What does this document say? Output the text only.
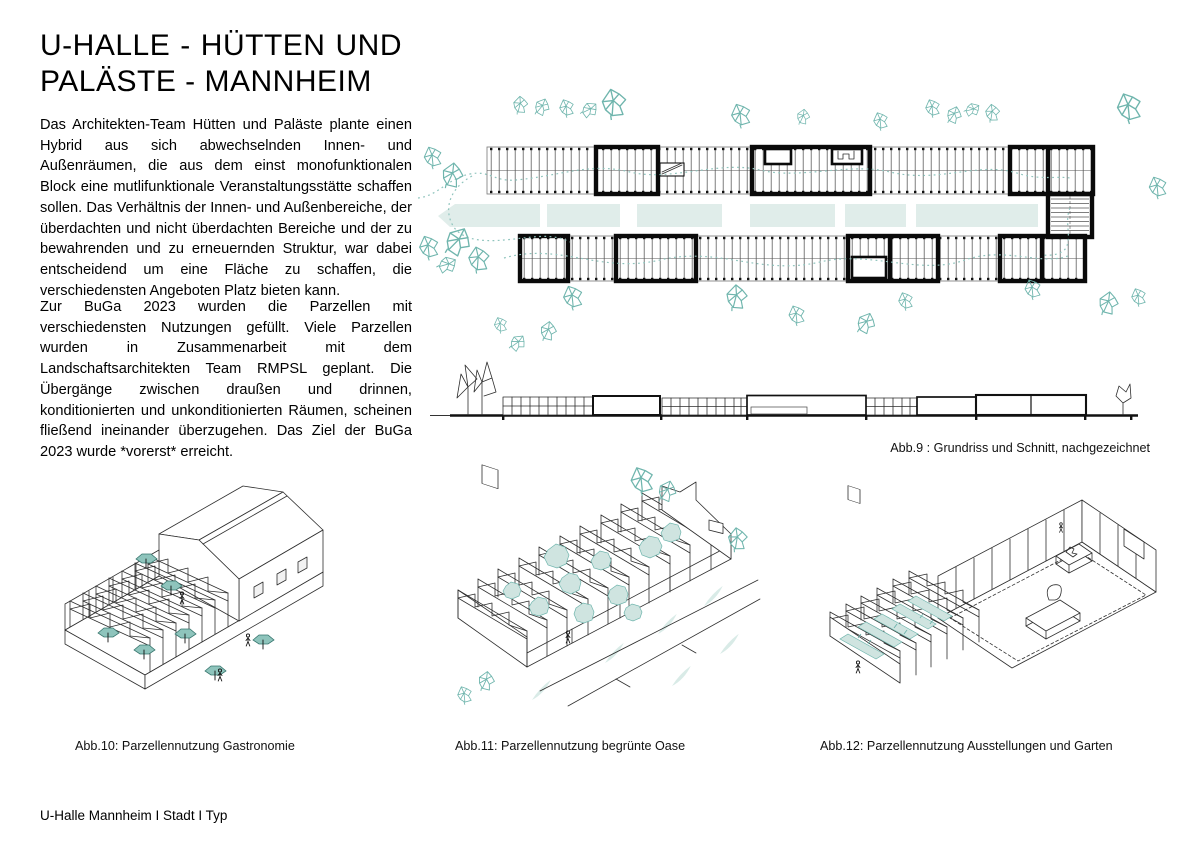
U-HALLE - HÜTTEN UND
PALÄSTE - MANNHEIM
Das Architekten-Team Hütten und Paläste plante einen Hybrid aus sich abwechselnden Innen- und Außenräumen, die aus dem einst monofunktionalen Block eine mutlifunktionale Veranstaltungsstätte schaffen sollen. Das Verhältnis der Innen- und Außenbereiche, der überdachten und nicht überdachten Bereiche und der zu bewahrenden und zu erneuernden Struktur, war dabei entscheidend um eine Fläche zu schaffen, die verschiedensten Angeboten Platz bieten kann.
Zur BuGa 2023 wurden die Parzellen mit verschiedensten Nutzungen gefüllt. Viele Parzellen wurden in Zusammenarbeit mit dem Landschaftsarchitekten Team RMPSL geplant. Die Übergänge zwischen draußen und drinnen, konditionierten und unkonditionierten Räumen, scheinen fließend ineinander überzugehen. Das Ziel der BuGa 2023 wurde *vorerst* erreicht.	Abb.9 : Grundriss und Schnitt, nachgezeichnet
Abb.10: Parzellennutzung Gastronomie	Abb.11: Parzellennutzung begrünte Oase	Abb.12: Parzellennutzung Ausstellungen und Garten
U-Halle Mannheim I Stadt I Typ
